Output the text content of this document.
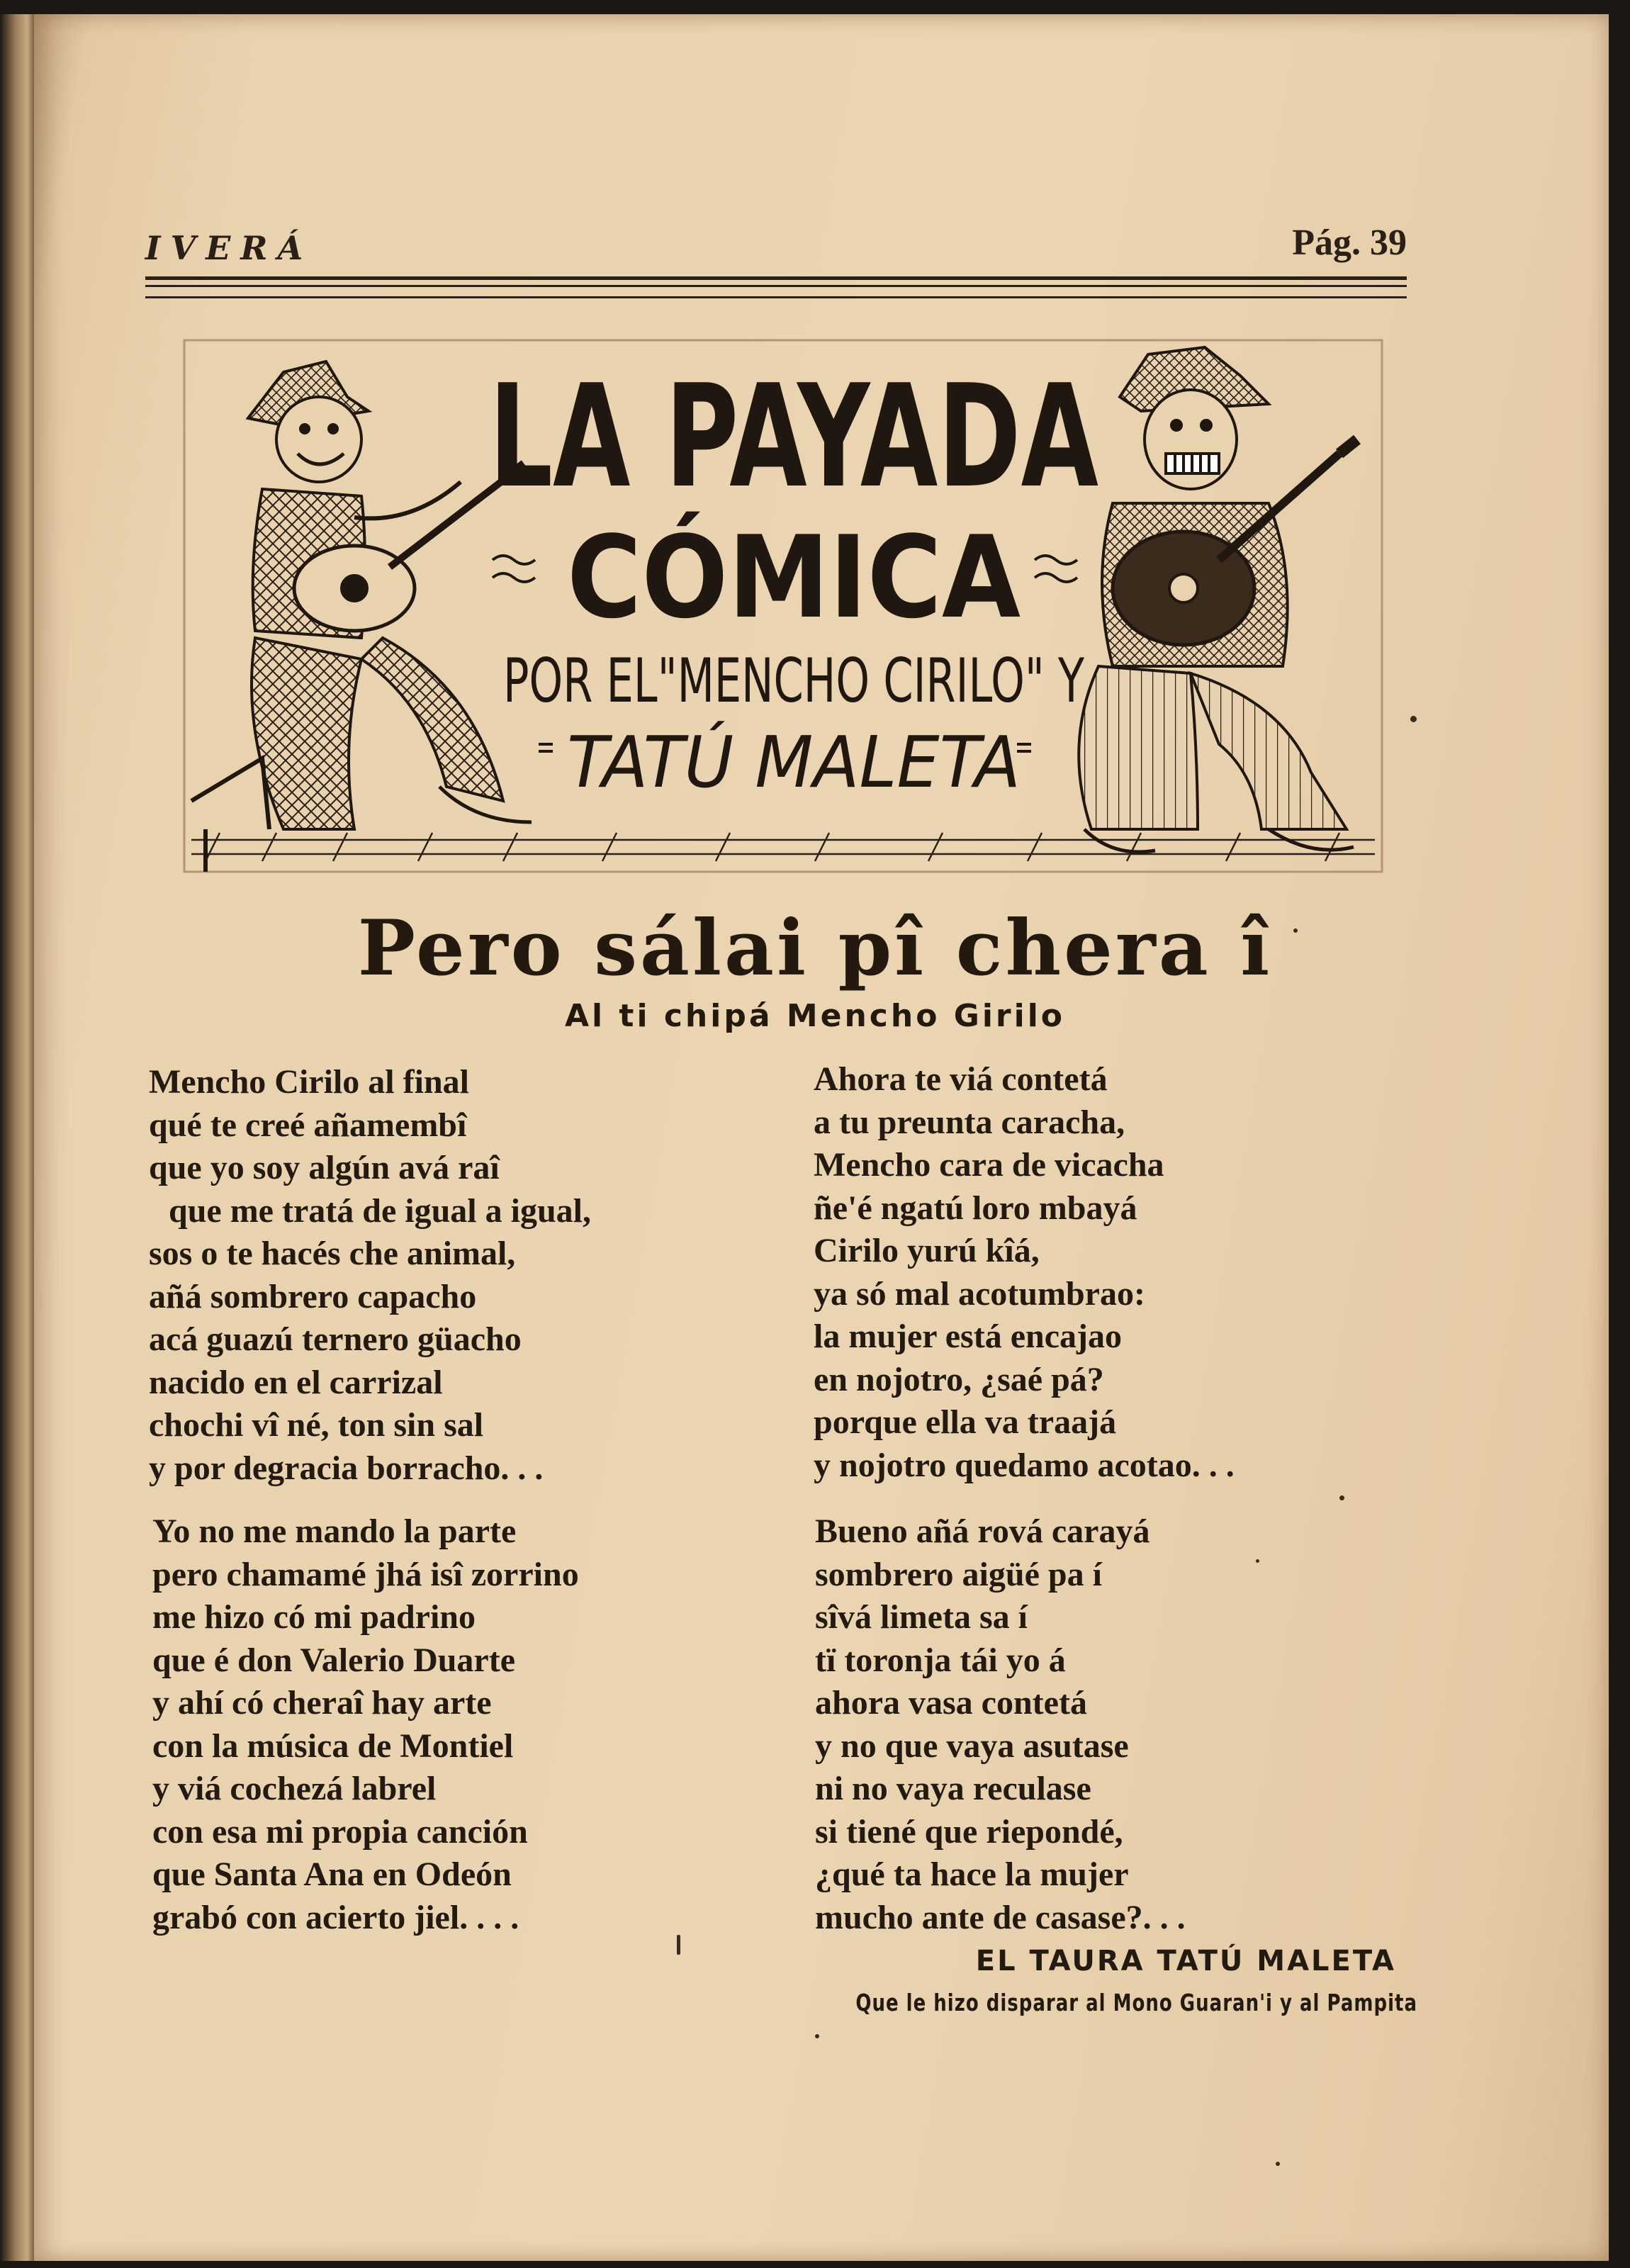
IVERÁ	Pág. 39
LA PAYADA
CÓMICA
POR EL"MENCHO CIRILO" Y
TATÚ MALETA
Pero sálai pî chera î
Al ti chipá Mencho Girilo
Mencho Cirilo al final
qué te creé añamembî
que yo soy algún avá raî
que me tratá de igual a igual,
sos o te hacés che animal,
añá sombrero capacho
acá guazú ternero güacho
nacido en el carrizal
chochi vî né, ton sin sal
y por degracia borracho. . .
Yo no me mando la parte
pero chamamé jhá isî zorrino
me hizo có mi padrino
que é don Valerio Duarte
y ahí có cheraî hay arte
con la música de Montiel
y viá cochezá labrel
con esa mi propia canción
que Santa Ana en Odeón
grabó con acierto jiel. . . .
Ahora te viá contetá
a tu preunta caracha,
Mencho cara de vicacha
ñe'é ngatú loro mbayá
Cirilo yurú kîá,
ya só mal acotumbrao:
la mujer está encajao
en nojotro, ¿saé pá?
porque ella va traajá
y nojotro quedamo acotao. . .
Bueno añá rová carayá
sombrero aigüé pa í
sîvá limeta sa í
tï toronja tái yo á
ahora vasa contetá
y no que vaya asutase
ni no vaya reculase
si tiené que riepondé,
¿qué ta hace la mujer
mucho ante de casase?. . .
EL TAURA TATÚ MALETA
Que le hizo disparar al Mono Guaran'i y al Pampita
